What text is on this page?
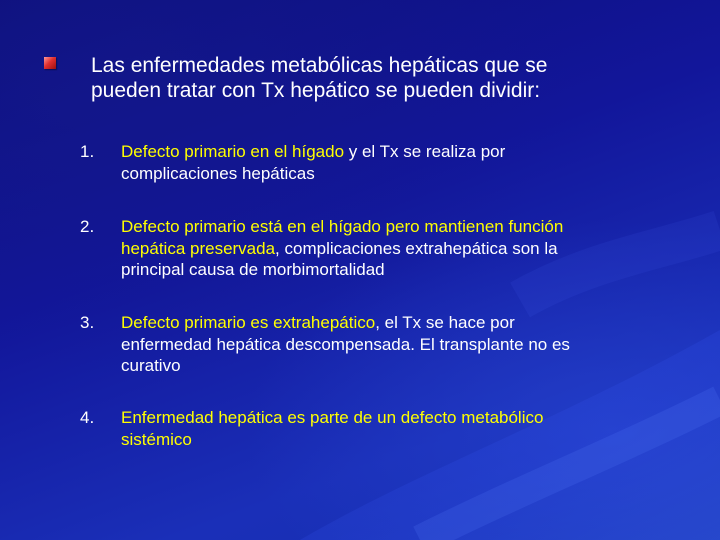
Las enfermedades metabólicas hepáticas que se
pueden tratar con Tx hepático se pueden dividir:

1. Defecto primario en el hígado y el Tx se realiza por
complicaciones hepáticas

2. Defecto primario está en el hígado pero mantienen función
hepática preservada, complicaciones extrahepática son la
principal causa de morbimortalidad

3. Defecto primario es extrahepático, el Tx se hace por
enfermedad hepática descompensada. El transplante no es
curativo

4. Enfermedad hepática es parte de un defecto metabólico
sistémico
